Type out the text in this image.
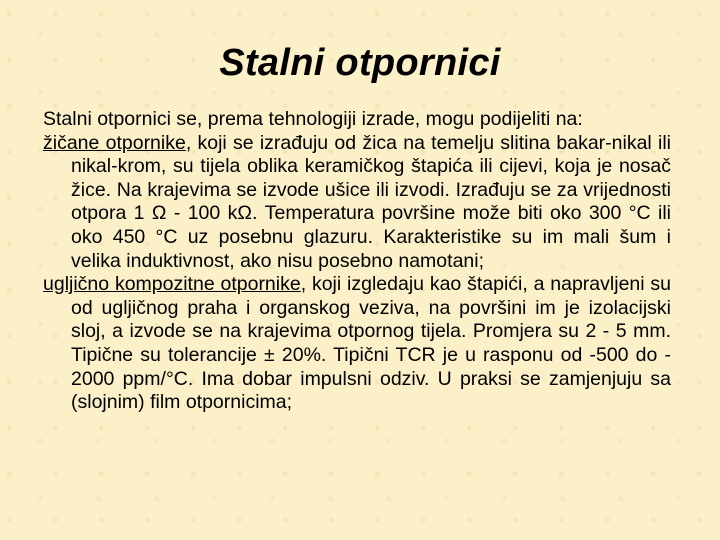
Stalni otpornici

Stalni otpornici se, prema tehnologiji izrade, mogu podijeliti na:

žičane otpornike, koji se izrađuju od žica na temelju slitina bakar-nikal ili nikal-krom, su tijela oblika keramičkog štapića ili cijevi, koja je nosač žice. Na krajevima se izvode ušice ili izvodi. Izrađuju se za vrijednosti otpora 1 Ω - 100 kΩ. Temperatura površine može biti oko 300 °C ili oko 450 °C uz posebnu glazuru. Karakteristike su im mali šum i velika induktivnost, ako nisu posebno namotani;

ugljično kompozitne otpornike, koji izgledaju kao štapići, a napravljeni su od ugljičnog praha i organskog veziva, na površini im je izolacijski sloj, a izvode se na krajevima otpornog tijela. Promjera su 2 - 5 mm. Tipične su tolerancije ± 20%. Tipični TCR je u rasponu od -500 do - 2000 ppm/°C. Ima dobar impulsni odziv. U praksi se zamjenjuju sa (slojnim) film otpornicima;
